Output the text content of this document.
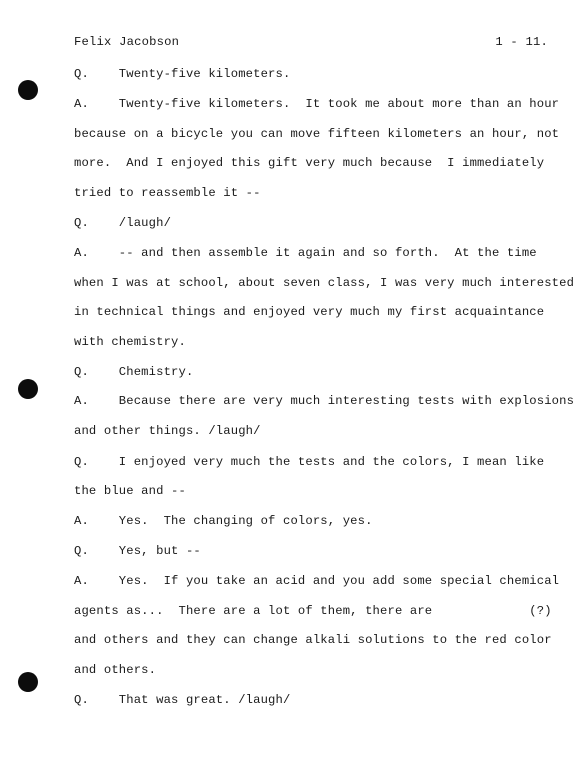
Felix Jacobson	1 - 11.
Q.    Twenty-five kilometers.
A.    Twenty-five kilometers.  It took me about more than an hour
because on a bicycle you can move fifteen kilometers an hour, not
more.  And I enjoyed this gift very much because  I immediately
tried to reassemble it --
Q.    /laugh/
A.    -- and then assemble it again and so forth.  At the time
when I was at school, about seven class, I was very much interested
in technical things and enjoyed very much my first acquaintance
with chemistry.
Q.    Chemistry.
A.    Because there are very much interesting tests with explosions
and other things. /laugh/
Q.    I enjoyed very much the tests and the colors, I mean like
the blue and --
A.    Yes.  The changing of colors, yes.
Q.    Yes, but --
A.    Yes.  If you take an acid and you add some special chemical
agents as...  There are a lot of them, there are             (?)
and others and they can change alkali solutions to the red color
and others.
Q.    That was great. /laugh/
